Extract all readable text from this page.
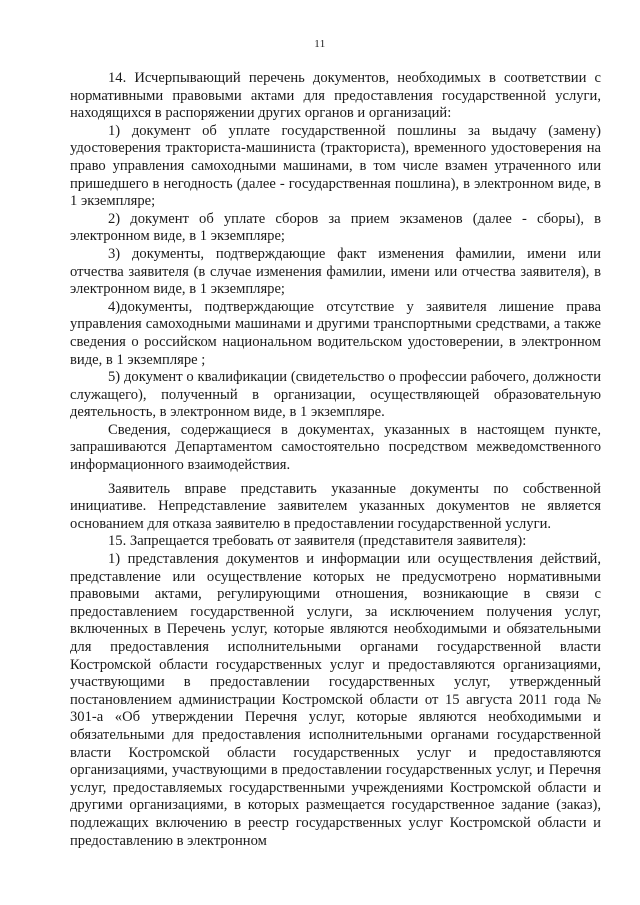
11

14. Исчерпывающий перечень документов, необходимых в соответствии с нормативными правовыми актами для предоставления государственной услуги, находящихся в распоряжении других органов и организаций:

1) документ об уплате государственной пошлины за выдачу (замену) удостоверения тракториста-машиниста (тракториста), временного удостоверения на право управления самоходными машинами, в том числе взамен утраченного или пришедшего в негодность (далее - государственная пошлина), в электронном виде, в 1 экземпляре;

2) документ об уплате сборов за прием экзаменов (далее - сборы), в электронном виде, в 1 экземпляре;

3) документы, подтверждающие факт изменения фамилии, имени или отчества заявителя (в случае изменения фамилии, имени или отчества заявителя), в электронном виде, в 1 экземпляре;

4)документы, подтверждающие отсутствие у заявителя лишение права управления самоходными машинами и другими транспортными средствами, а также сведения о российском национальном водительском удостоверении, в электронном виде, в 1 экземпляре ;

5) документ о квалификации (свидетельство о профессии рабочего, должности служащего), полученный в организации, осуществляющей образовательную деятельность, в электронном виде, в 1 экземпляре.

Сведения, содержащиеся в документах, указанных в настоящем пункте, запрашиваются Департаментом самостоятельно посредством межведомственного информационного взаимодействия.

Заявитель вправе представить указанные документы по собственной инициативе. Непредставление заявителем указанных документов не является основанием для отказа заявителю в предоставлении государственной услуги.

15. Запрещается требовать от заявителя (представителя заявителя):

1) представления документов и информации или осуществления действий, представление или осуществление которых не предусмотрено нормативными правовыми актами, регулирующими отношения, возникающие в связи с предоставлением государственной услуги, за исключением получения услуг, включенных в Перечень услуг, которые являются необходимыми и обязательными для предоставления исполнительными органами государственной власти Костромской области государственных услуг и предоставляются организациями, участвующими в предоставлении государственных услуг, утвержденный постановлением администрации Костромской области от 15 августа 2011 года № 301-а «Об утверждении Перечня услуг, которые являются необходимыми и обязательными для предоставления исполнительными органами государственной власти Костромской области государственных услуг и предоставляются организациями, участвующими в предоставлении государственных услуг, и Перечня услуг, предоставляемых государственными учреждениями Костромской области и другими организациями, в которых размещается государственное задание (заказ), подлежащих включению в реестр государственных услуг Костромской области и предоставлению в электронном
